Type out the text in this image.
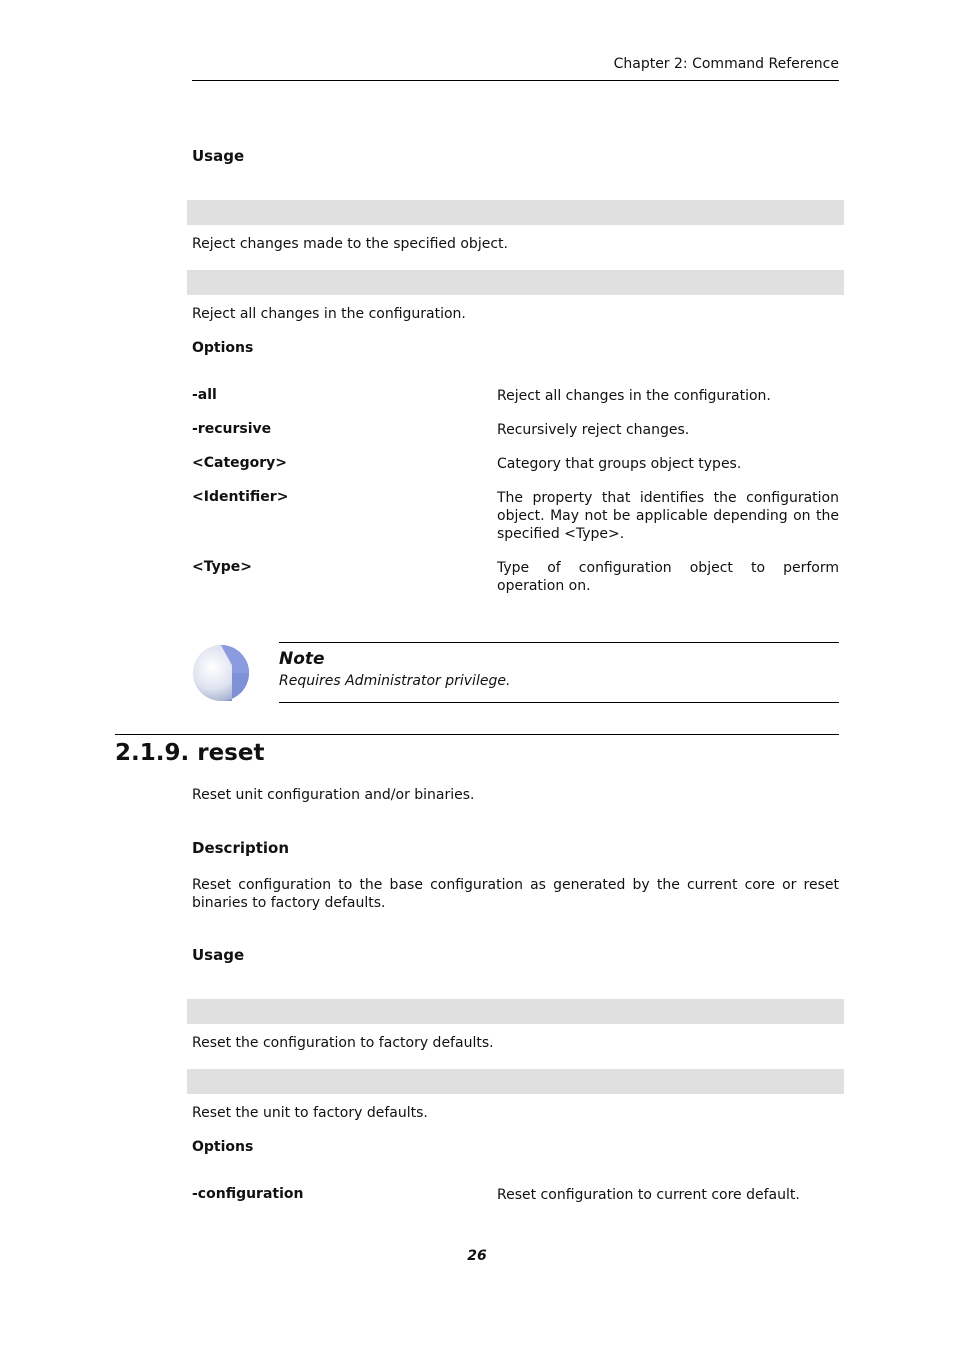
Chapter 2: Command Reference
Usage
Reject changes made to the specified object.
Reject all changes in the configuration.
Options
-all	Reject all changes in the configuration.
-recursive	Recursively reject changes.
<Category>	Category that groups object types.
<Identifier>	The property that identifies the configuration object. May not be applicable depending on the specified <Type>.
<Type>	Type of configuration object to perform operation on.
Note
Requires Administrator privilege.
2.1.9. reset
Reset unit configuration and/or binaries.
Description
Reset configuration to the base configuration as generated by the current core or reset binaries to factory defaults.
Usage
Reset the configuration to factory defaults.
Reset the unit to factory defaults.
Options
-configuration	Reset configuration to current core default.
26
